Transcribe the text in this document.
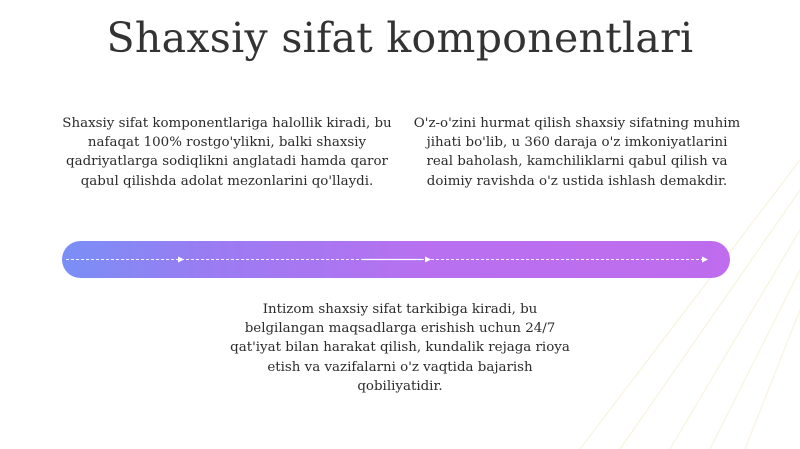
Shaxsiy sifat komponentlari
Shaxsiy sifat komponentlariga halollik kiradi, bu nafaqat 100% rostgo'ylikni, balki shaxsiy qadriyatlarga sodiqlikni anglatadi hamda qaror qabul qilishda adolat mezonlarini qo'llaydi.
O'z-o'zini hurmat qilish shaxsiy sifatning muhim jihati bo'lib, u 360 daraja o'z imkoniyatlarini real baholash, kamchiliklarni qabul qilish va doimiy ravishda o'z ustida ishlash demakdir.
Intizom shaxsiy sifat tarkibiga kiradi, bu belgilangan maqsadlarga erishish uchun 24/7 qat'iyat bilan harakat qilish, kundalik rejaga rioya etish va vazifalarni o'z vaqtida bajarish qobiliyatidir.
